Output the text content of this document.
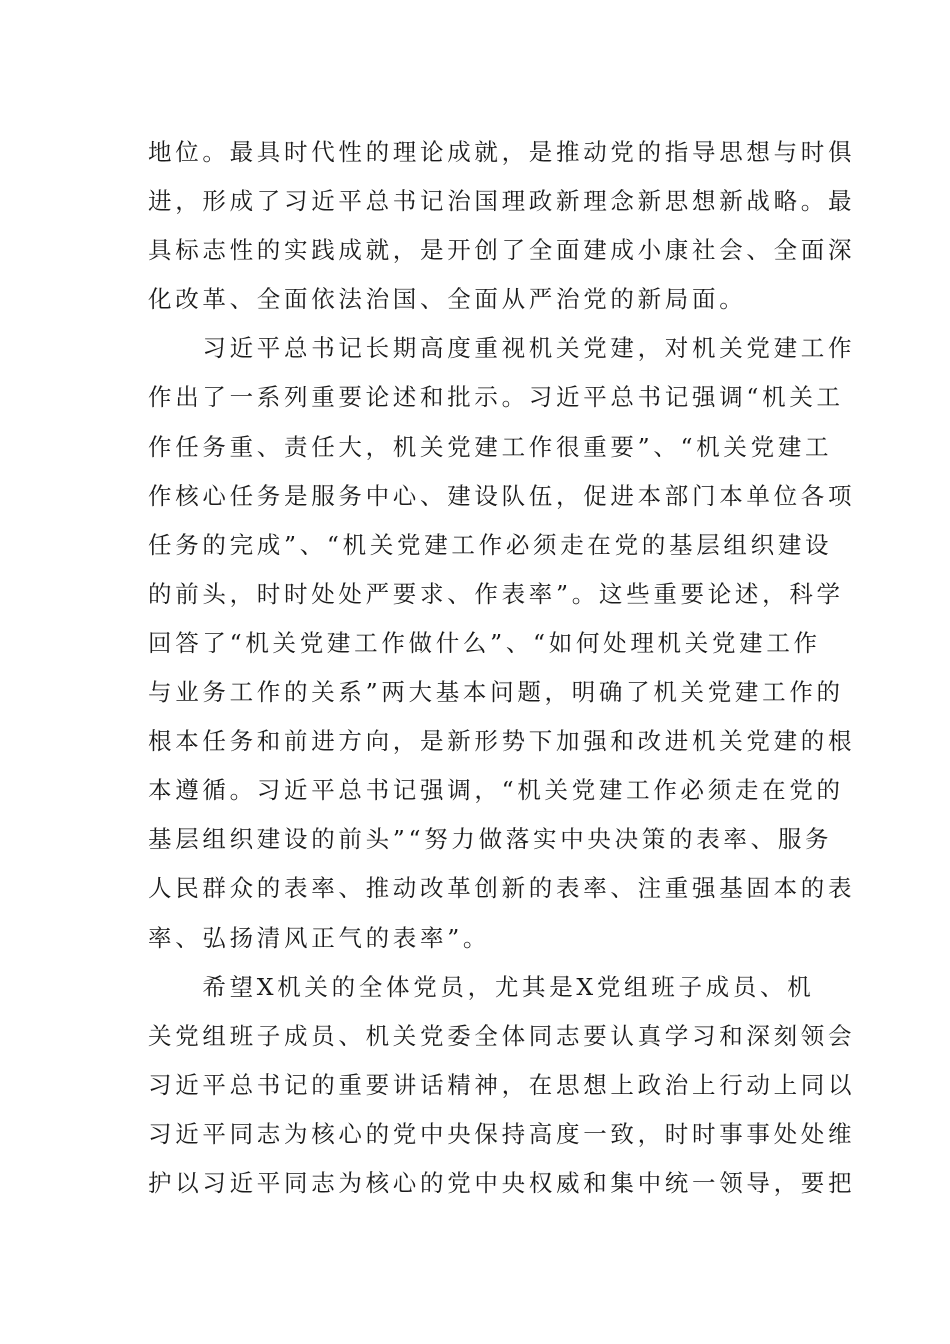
地位。最具时代性的理论成就，是推动党的指导思想与时俱
进，形成了习近平总书记治国理政新理念新思想新战略。最
具标志性的实践成就，是开创了全面建成小康社会、全面深
化改革、全面依法治国、全面从严治党的新局面。
　　习近平总书记长期高度重视机关党建，对机关党建工作
作出了一系列重要论述和批示。习近平总书记强调“机关工
作任务重、责任大，机关党建工作很重要”、“机关党建工
作核心任务是服务中心、建设队伍，促进本部门本单位各项
任务的完成”、“机关党建工作必须走在党的基层组织建设
的前头，时时处处严要求、作表率”。这些重要论述，科学
回答了“机关党建工作做什么”、“如何处理机关党建工作
与业务工作的关系”两大基本问题，明确了机关党建工作的
根本任务和前进方向，是新形势下加强和改进机关党建的根
本遵循。习近平总书记强调，“机关党建工作必须走在党的
基层组织建设的前头”“努力做落实中央决策的表率、服务
人民群众的表率、推动改革创新的表率、注重强基固本的表
率、弘扬清风正气的表率”。
　　希望X机关的全体党员，尤其是X党组班子成员、机
关党组班子成员、机关党委全体同志要认真学习和深刻领会
习近平总书记的重要讲话精神，在思想上政治上行动上同以
习近平同志为核心的党中央保持高度一致，时时事事处处维
护以习近平同志为核心的党中央权威和集中统一领导，要把
